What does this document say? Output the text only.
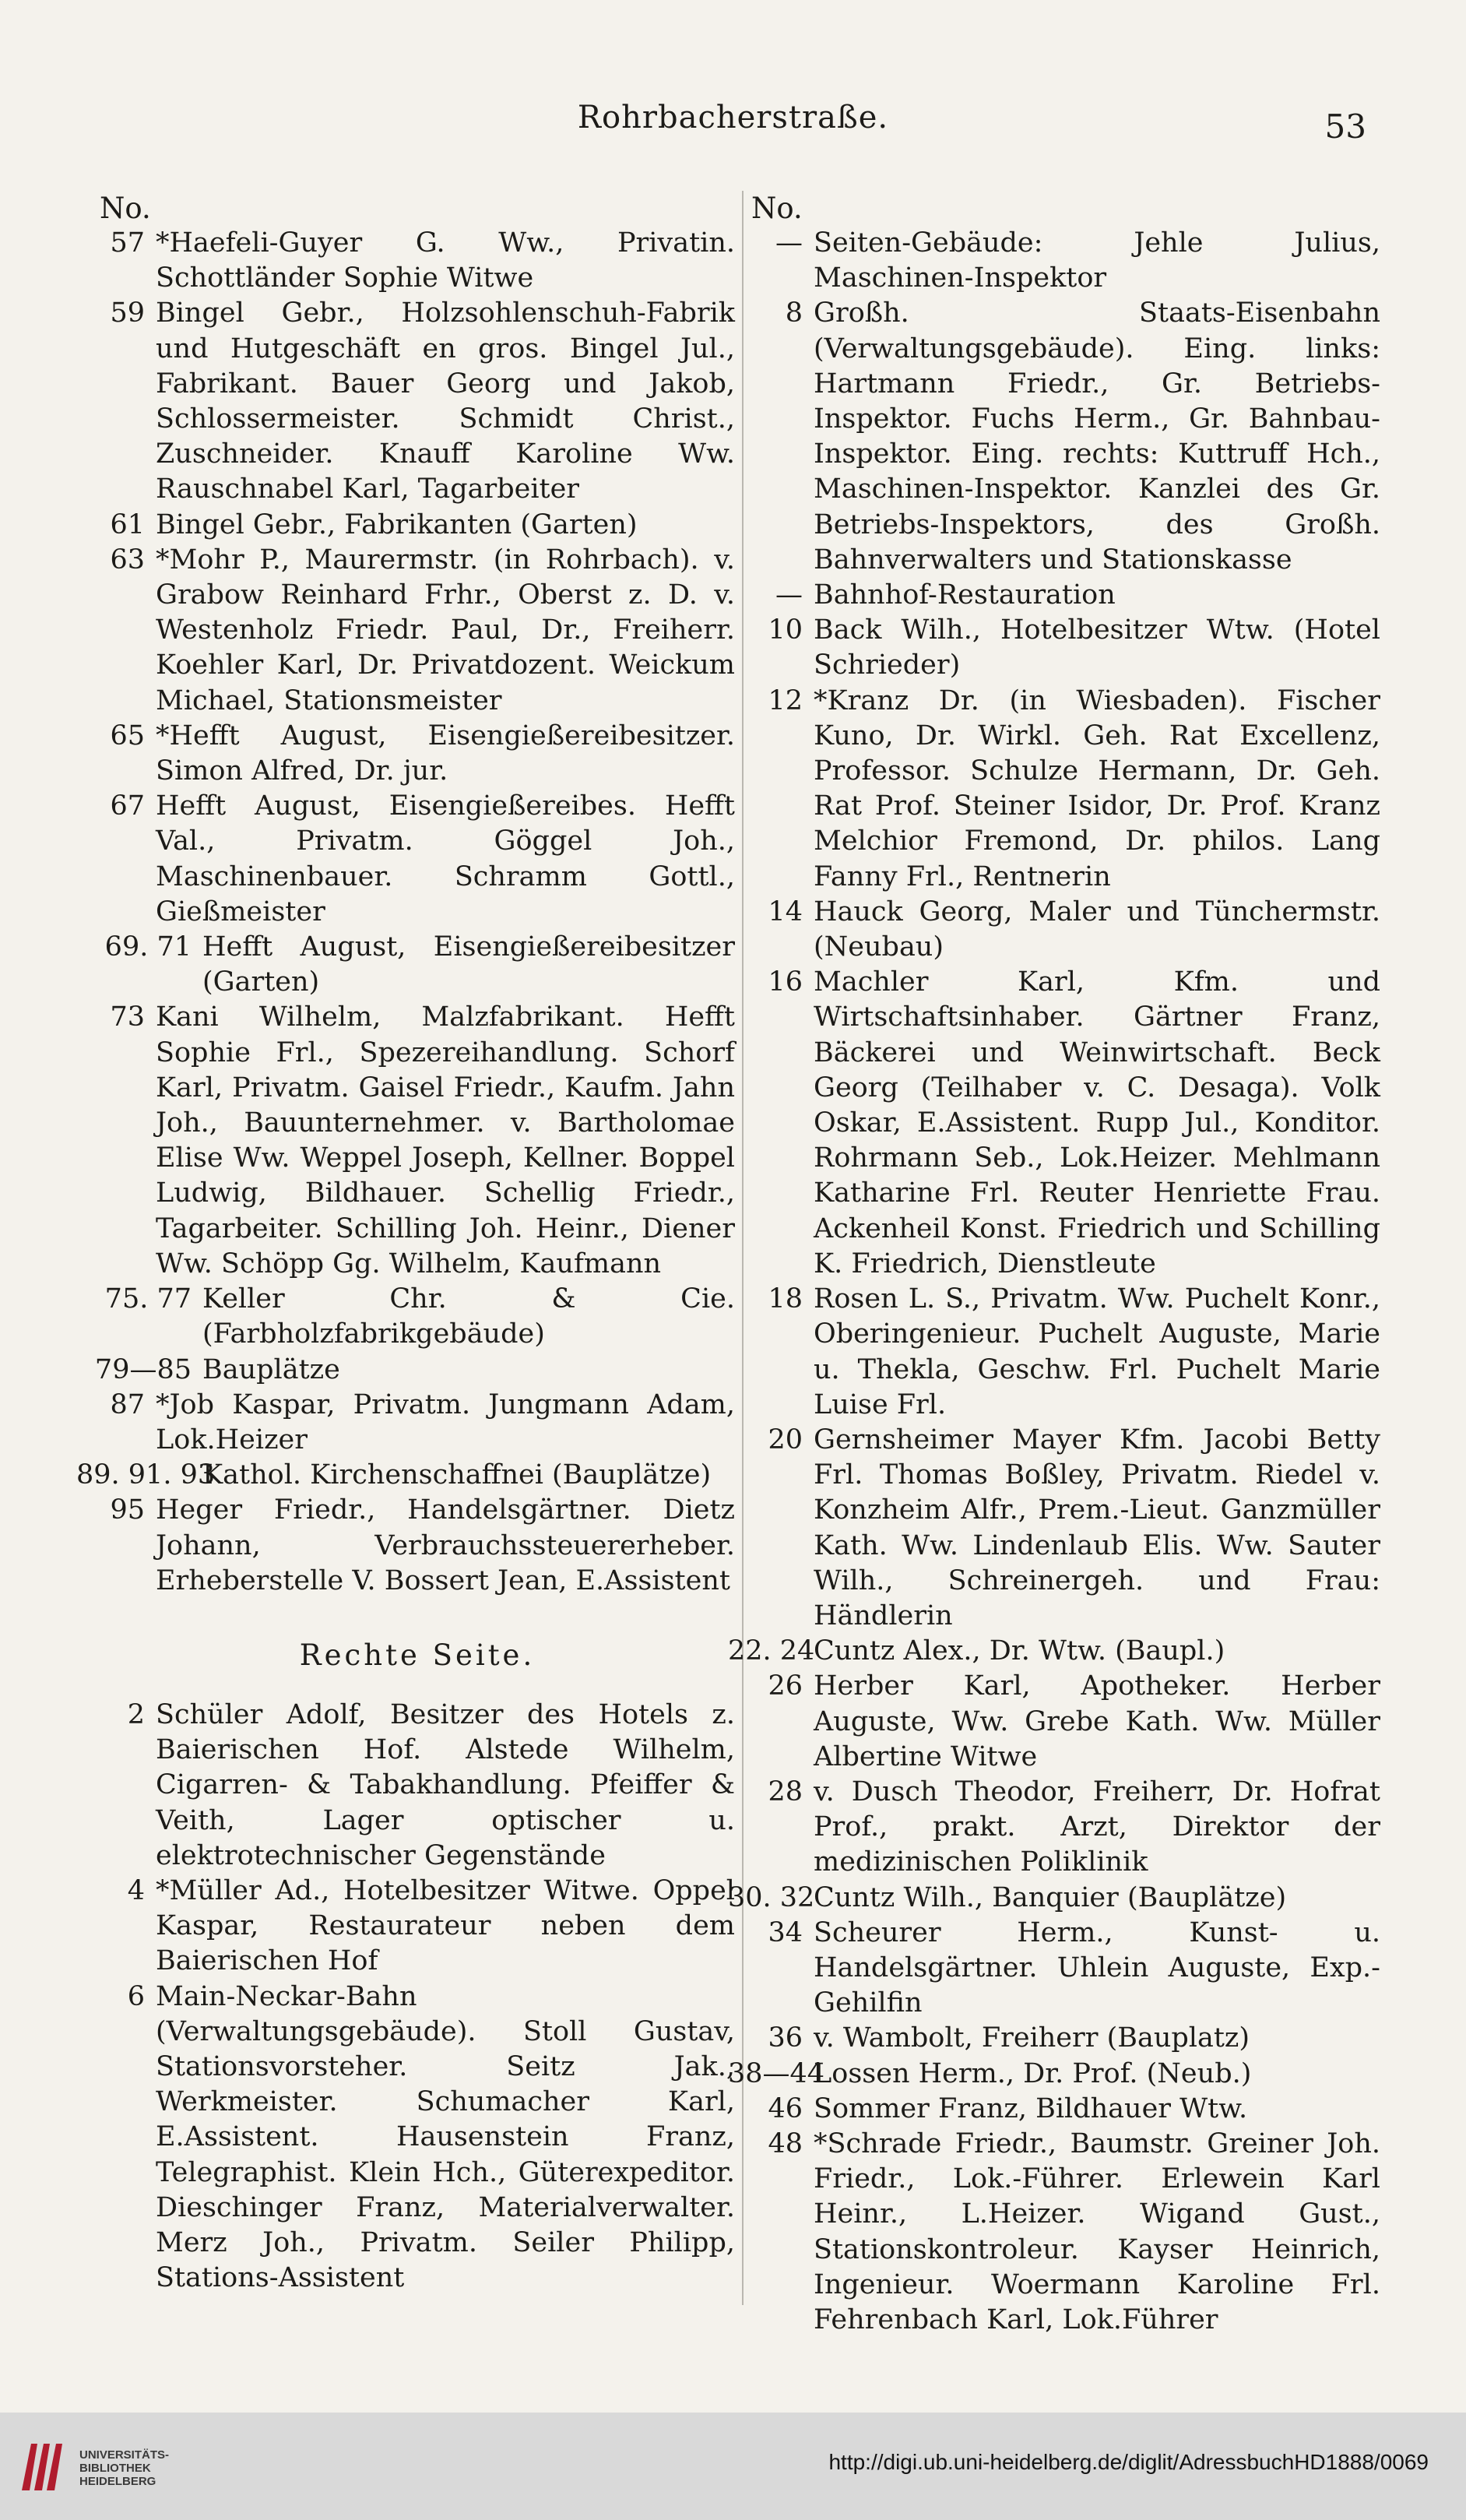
Rohrbacherstraße.	53
No.
57 *Haefeli-Guyer G. Ww., Privatin. Schottländer Sophie Witwe
59 Bingel Gebr., Holzsohlenschuh-Fabrik und Hutgeschäft en gros. Bingel Jul., Fabrikant. Bauer Georg und Jakob, Schlossermeister. Schmidt Christ., Zuschneider. Knauff Karoline Ww. Rauschnabel Karl, Tagarbeiter
61 Bingel Gebr., Fabrikanten (Garten)
63 *Mohr P., Maurermstr. (in Rohrbach). v. Grabow Reinhard Frhr., Oberst z. D. v. Westenholz Friedr. Paul, Dr., Freiherr. Koehler Karl, Dr. Privatdozent. Weickum Michael, Stationsmeister
65 *Hefft August, Eisengießereibesitzer. Simon Alfred, Dr. jur.
67 Hefft August, Eisengießereibes. Hefft Val., Privatm. Göggel Joh., Maschinenbauer. Schramm Gottl., Gießmeister
69. 71 Hefft August, Eisengießereibesitzer (Garten)
73 Kani Wilhelm, Malzfabrikant. Hefft Sophie Frl., Spezereihandlung. Schorf Karl, Privatm. Gaisel Friedr., Kaufm. Jahn Joh., Bauunternehmer. v. Bartholomae Elise Ww. Weppel Joseph, Kellner. Boppel Ludwig, Bildhauer. Schellig Friedr., Tagarbeiter. Schilling Joh. Heinr., Diener Ww. Schöpp Gg. Wilhelm, Kaufmann
75. 77 Keller Chr. & Cie. (Farbholzfabrikgebäude)
79—85 Bauplätze
87 *Job Kaspar, Privatm. Jungmann Adam, Lok.Heizer
89. 91. 93
Kathol. Kirchenschaffnei (Bauplätze)
95 Heger Friedr., Handelsgärtner. Dietz Johann, Verbrauchssteuererheber. Erheberstelle V. Bossert Jean, E.Assistent
Rechte Seite.
2 Schüler Adolf, Besitzer des Hotels z. Baierischen Hof. Alstede Wilhelm, Cigarren- & Tabakhandlung. Pfeiffer & Veith, Lager optischer u. elektrotechnischer Gegenstände
4 *Müller Ad., Hotelbesitzer Witwe. Oppel Kaspar, Restaurateur neben dem Baierischen Hof
6 Main-Neckar-Bahn (Verwaltungsgebäude). Stoll Gustav, Stationsvorsteher. Seitz Jak., Werkmeister. Schumacher Karl, E.Assistent. Hausenstein Franz, Telegraphist. Klein Hch., Güterexpeditor. Dieschinger Franz, Materialverwalter. Merz Joh., Privatm. Seiler Philipp, Stations-Assistent
No.
— Seiten-Gebäude: Jehle Julius, Maschinen-Inspektor
8 Großh. Staats-Eisenbahn (Verwaltungsgebäude). Eing. links: Hartmann Friedr., Gr. Betriebs-Inspektor. Fuchs Herm., Gr. Bahnbau-Inspektor. Eing. rechts: Kuttruff Hch., Maschinen-Inspektor. Kanzlei des Gr. Betriebs-Inspektors, des Großh. Bahnverwalters und Stationskasse
— Bahnhof-Restauration
10 Back Wilh., Hotelbesitzer Wtw. (Hotel Schrieder)
12 *Kranz Dr. (in Wiesbaden). Fischer Kuno, Dr. Wirkl. Geh. Rat Excellenz, Professor. Schulze Hermann, Dr. Geh. Rat Prof. Steiner Isidor, Dr. Prof. Kranz Melchior Fremond, Dr. philos. Lang Fanny Frl., Rentnerin
14 Hauck Georg, Maler und Tünchermstr. (Neubau)
16 Machler Karl, Kfm. und Wirtschaftsinhaber. Gärtner Franz, Bäckerei und Weinwirtschaft. Beck Georg (Teilhaber v. C. Desaga). Volk Oskar, E.Assistent. Rupp Jul., Konditor. Rohrmann Seb., Lok.Heizer. Mehlmann Katharine Frl. Reuter Henriette Frau. Ackenheil Konst. Friedrich und Schilling K. Friedrich, Dienstleute
18 Rosen L. S., Privatm. Ww. Puchelt Konr., Oberingenieur. Puchelt Auguste, Marie u. Thekla, Geschw. Frl. Puchelt Marie Luise Frl.
20 Gernsheimer Mayer Kfm. Jacobi Betty Frl. Thomas Boßley, Privatm. Riedel v. Konzheim Alfr., Prem.-Lieut. Ganzmüller Kath. Ww. Lindenlaub Elis. Ww. Sauter Wilh., Schreinergeh. und Frau: Händlerin
22. 24
Cuntz Alex., Dr. Wtw. (Baupl.)
26 Herber Karl, Apotheker. Herber Auguste, Ww. Grebe Kath. Ww. Müller Albertine Witwe
28 v. Dusch Theodor, Freiherr, Dr. Hofrat Prof., prakt. Arzt, Direktor der medizinischen Poliklinik
30. 32
Cuntz Wilh., Banquier (Bauplätze)
34 Scheurer Herm., Kunst- u. Handelsgärtner. Uhlein Auguste, Exp.-Gehilfin
36 v. Wambolt, Freiherr (Bauplatz)
38—44
Lossen Herm., Dr. Prof. (Neub.)
46 Sommer Franz, Bildhauer Wtw.
48 *Schrade Friedr., Baumstr. Greiner Joh. Friedr., Lok.-Führer. Erlewein Karl Heinr., L.Heizer. Wigand Gust., Stationskontroleur. Kayser Heinrich, Ingenieur. Woermann Karoline Frl. Fehrenbach Karl, Lok.Führer
UNIVERSITÄTS-
BIBLIOTHEK
HEIDELBERG
http://digi.ub.uni-heidelberg.de/diglit/AdressbuchHD1888/0069
